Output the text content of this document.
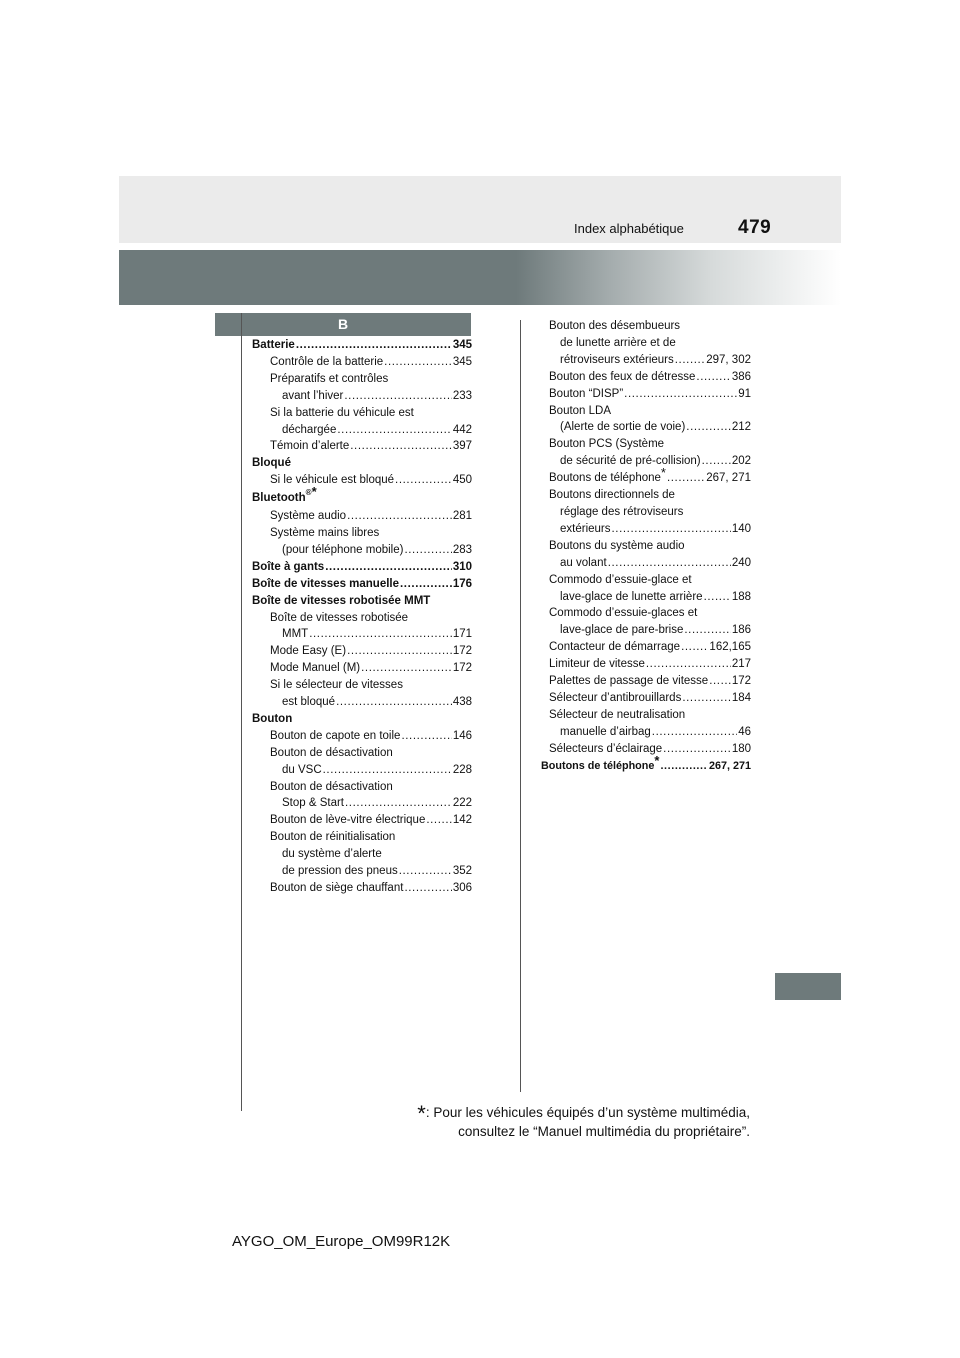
479
Index alphabétique
B
Batterie .....	345
Contrôle de la batterie .....	345
Préparatifs et contrôles
avant l’hiver .....	233
Si la batterie du véhicule est
déchargée .....	442
Témoin d’alerte .....	397
Bloqué
Si le véhicule est bloqué .....	450
Bluetooth®*
Système audio .....	281
Système mains libres
(pour téléphone mobile) .....	283
Boîte à gants .....	310
Boîte de vitesses manuelle .....	176
Boîte de vitesses robotisée MMT
Boîte de vitesses robotisée
MMT .....	171
Mode Easy (E) .....	172
Mode Manuel (M) .....	172
Si le sélecteur de vitesses
est bloqué .....	438
Bouton
Bouton de capote en toile .....	146
Bouton de désactivation
du VSC .....	228
Bouton de désactivation
Stop & Start .....	222
Bouton de lève-vitre électrique ..... 142
Bouton de réinitialisation
du système d’alerte
de pression des pneus .....	352
Bouton de siège chauffant .....	306
Bouton des désembueurs
de lunette arrière et de
rétroviseurs extérieurs .....	297, 302
Bouton des feux de détresse .....	386
Bouton “DISP” .....	91
Bouton LDA
(Alerte de sortie de voie) .....	212
Bouton PCS (Système
de sécurité de pré-collision) .....	202
Boutons de téléphone * .....	267, 271
Boutons directionnels de
réglage des rétroviseurs
extérieurs .....	140
Boutons du système audio
au volant .....	240
Commodo d’essuie-glace et
lave-glace de lunette arrière .....	188
Commodo d’essuie-glaces et
lave-glace de pare-brise .....	186
Contacteur de démarrage .....	162,165
Limiteur de vitesse .....	217
Palettes de passage de vitesse ..... 172
Sélecteur d’antibrouillards .....	184
Sélecteur de neutralisation
manuelle d’airbag .....	46
Sélecteurs d’éclairage .....	180
Boutons de téléphone * .....	267, 271
*: Pour les véhicules équipés d’un système multimédia,
consultez le “Manuel multimédia du propriétaire”.
AYGO_OM_Europe_OM99R12K
